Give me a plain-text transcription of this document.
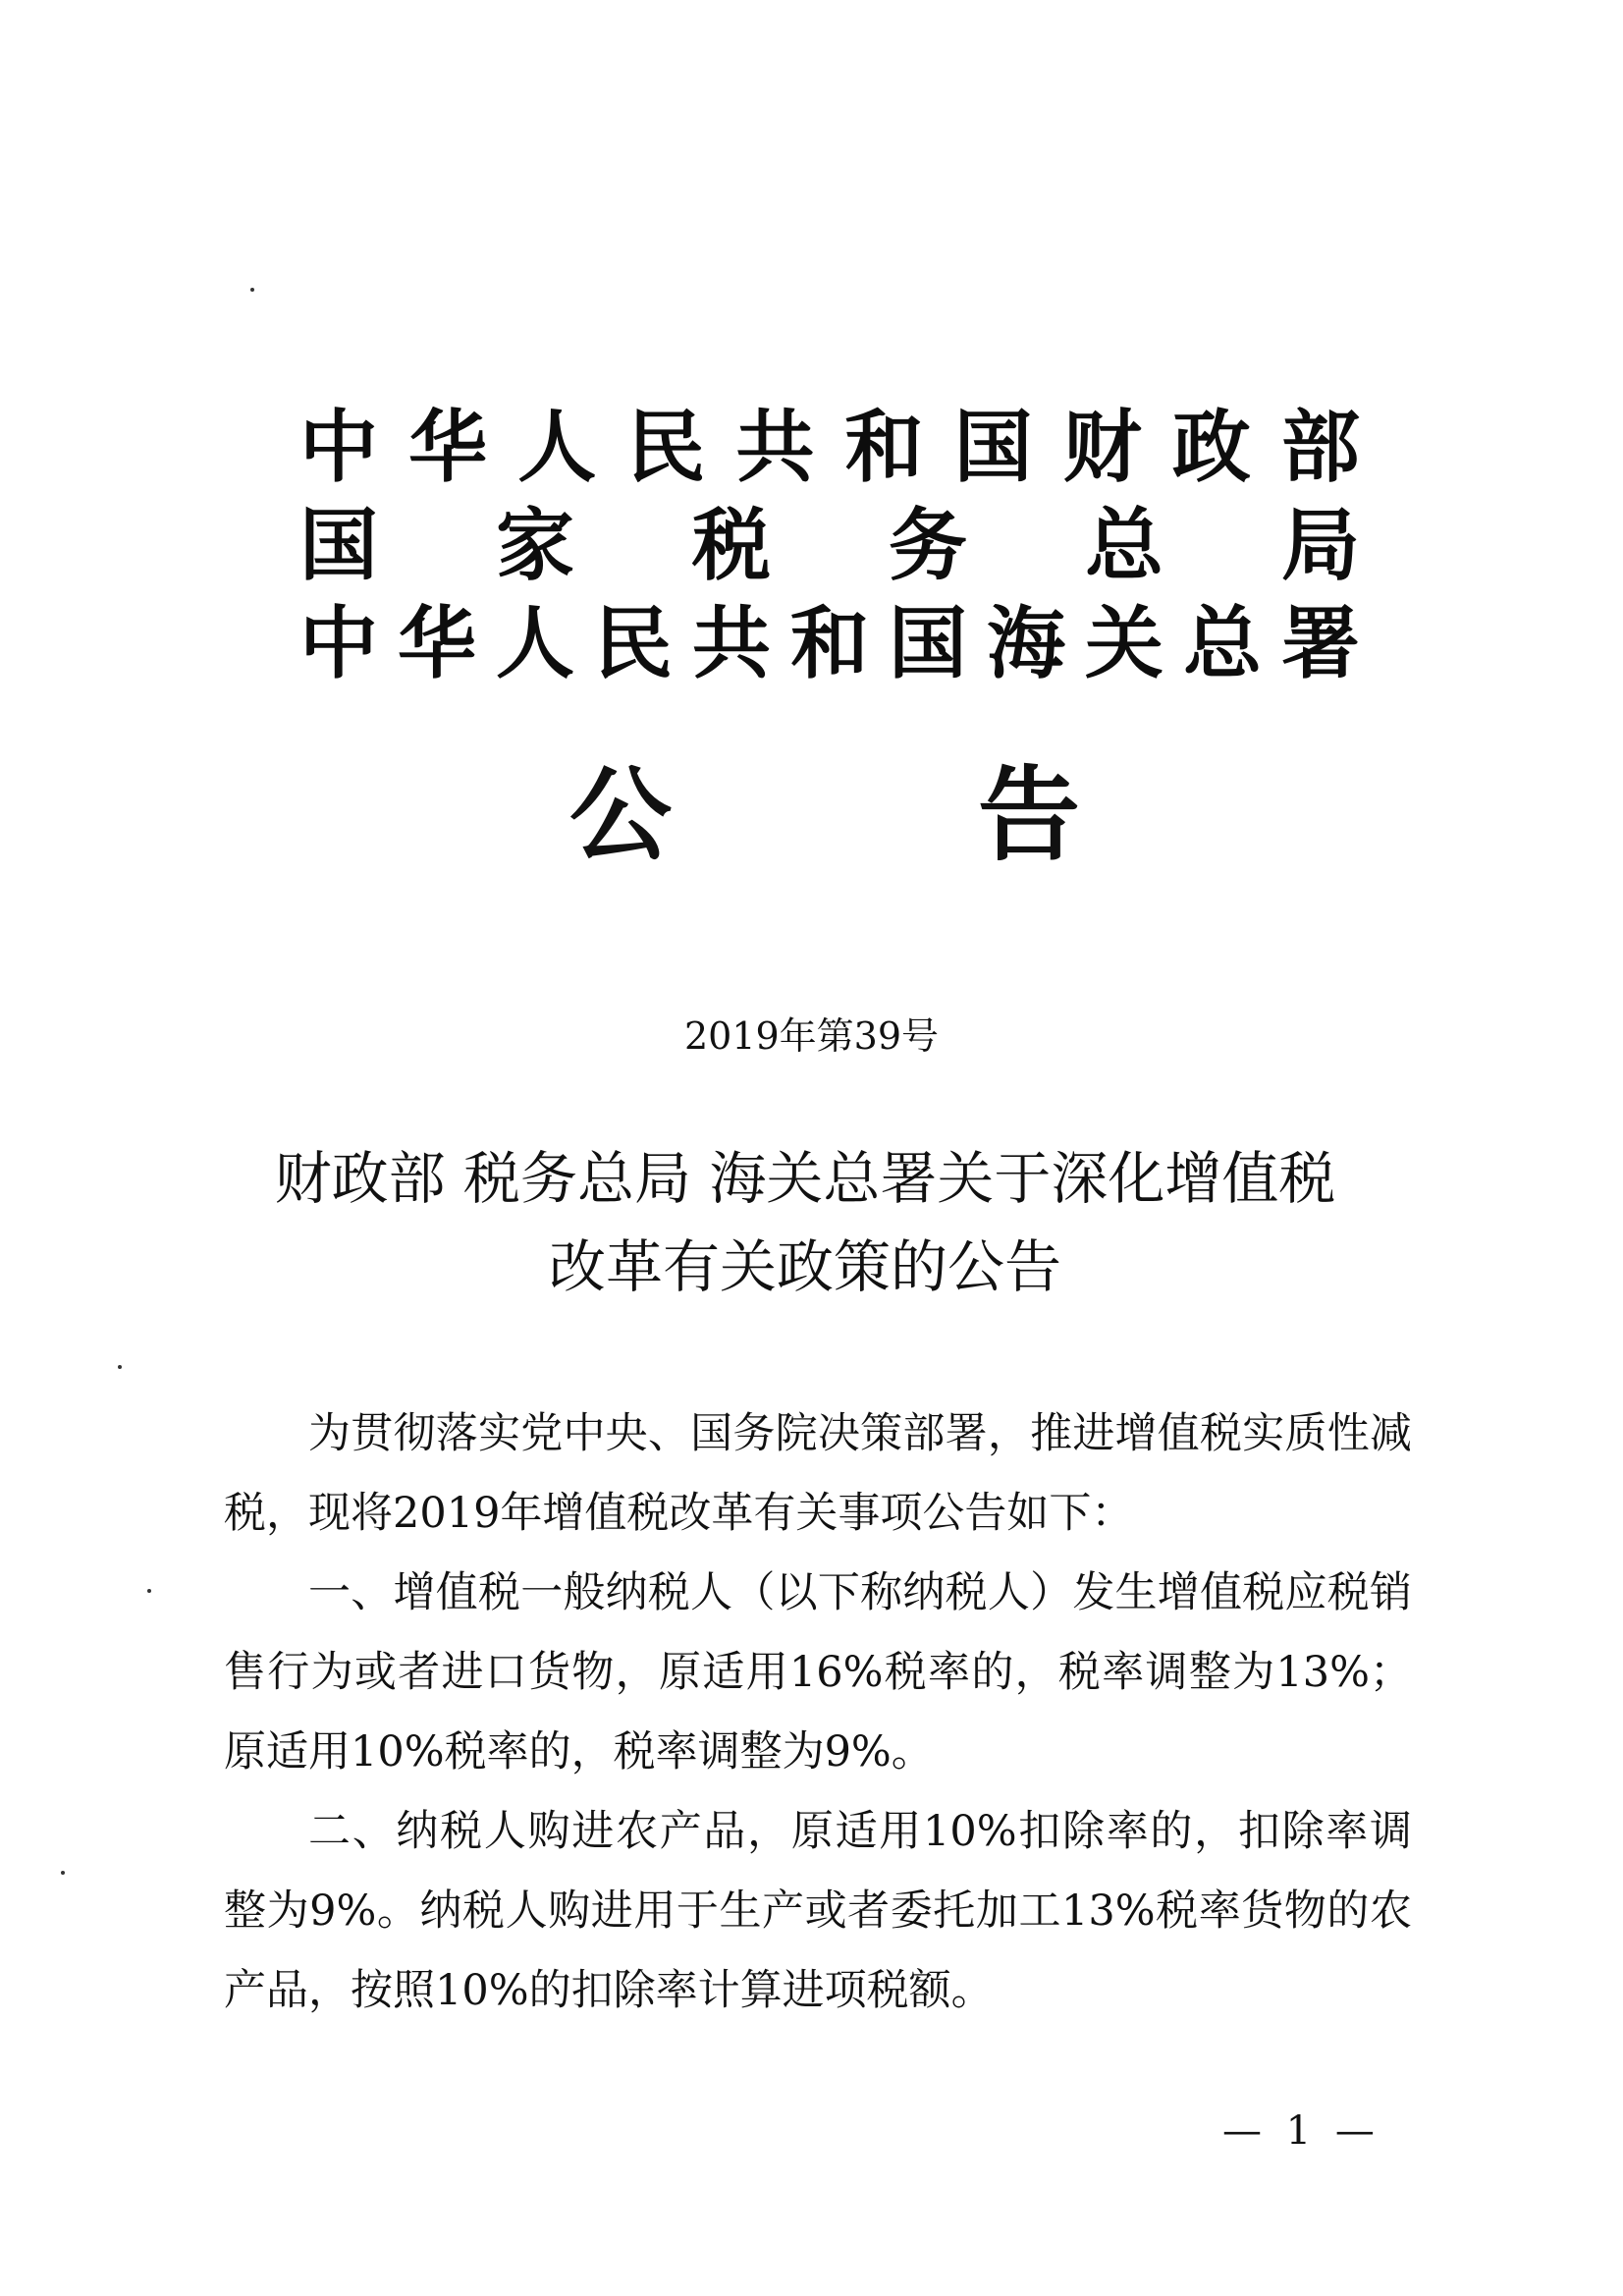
中 华 人 民 共 和 国 财 政 部
国 家 税 务 总 局
中 华 人 民 共 和 国 海 关 总 署
公	告
2019年第39号
财政部 税务总局 海关总署关于深化增值税
改革有关政策的公告

为贯彻落实党中央、国务院决策部署，推进增值税实质性减税，现将2019年增值税改革有关事项公告如下：

一、增值税一般纳税人（以下称纳税人）发生增值税应税销售行为或者进口货物，原适用16%税率的，税率调整为13%；原适用10%税率的，税率调整为9%。

二、纳税人购进农产品，原适用10%扣除率的，扣除率调整为9%。纳税人购进用于生产或者委托加工13%税率货物的农产品，按照10%的扣除率计算进项税额。

— 1 —
